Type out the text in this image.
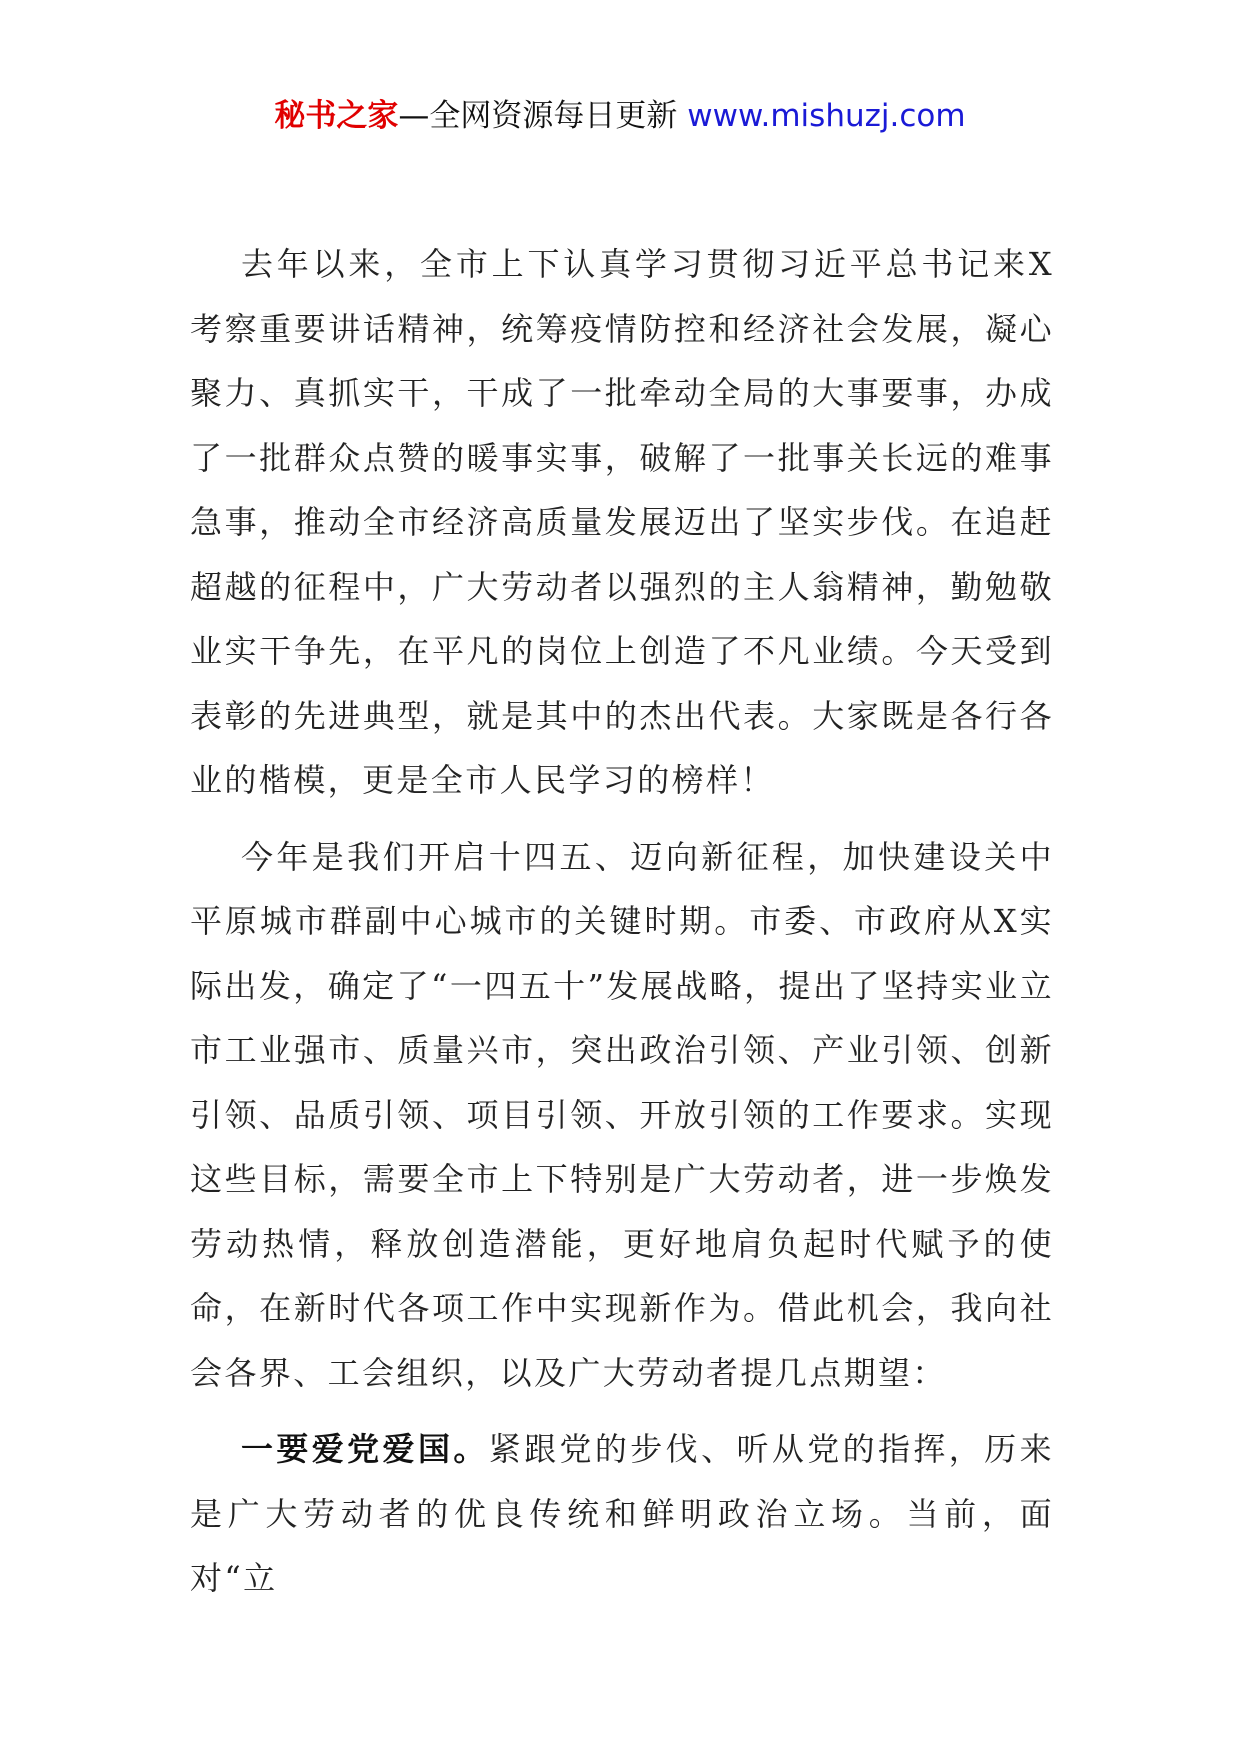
秘书之家—全网资源每日更新 www.mishuzj.com

去年以来，全市上下认真学习贯彻习近平总书记来X考察重要讲话精神，统筹疫情防控和经济社会发展，凝心聚力、真抓实干，干成了一批牵动全局的大事要事，办成了一批群众点赞的暖事实事，破解了一批事关长远的难事急事，推动全市经济高质量发展迈出了坚实步伐。在追赶超越的征程中，广大劳动者以强烈的主人翁精神，勤勉敬业实干争先，在平凡的岗位上创造了不凡业绩。今天受到表彰的先进典型，就是其中的杰出代表。大家既是各行各业的楷模，更是全市人民学习的榜样！

今年是我们开启十四五、迈向新征程，加快建设关中平原城市群副中心城市的关键时期。市委、市政府从X实际出发，确定了“一四五十”发展战略，提出了坚持实业立市工业强市、质量兴市，突出政治引领、产业引领、创新引领、品质引领、项目引领、开放引领的工作要求。实现这些目标，需要全市上下特别是广大劳动者，进一步焕发劳动热情，释放创造潜能，更好地肩负起时代赋予的使命，在新时代各项工作中实现新作为。借此机会，我向社会各界、工会组织，以及广大劳动者提几点期望：

一要爱党爱国。紧跟党的步伐、听从党的指挥，历来是广大劳动者的优良传统和鲜明政治立场。当前，面对“立
